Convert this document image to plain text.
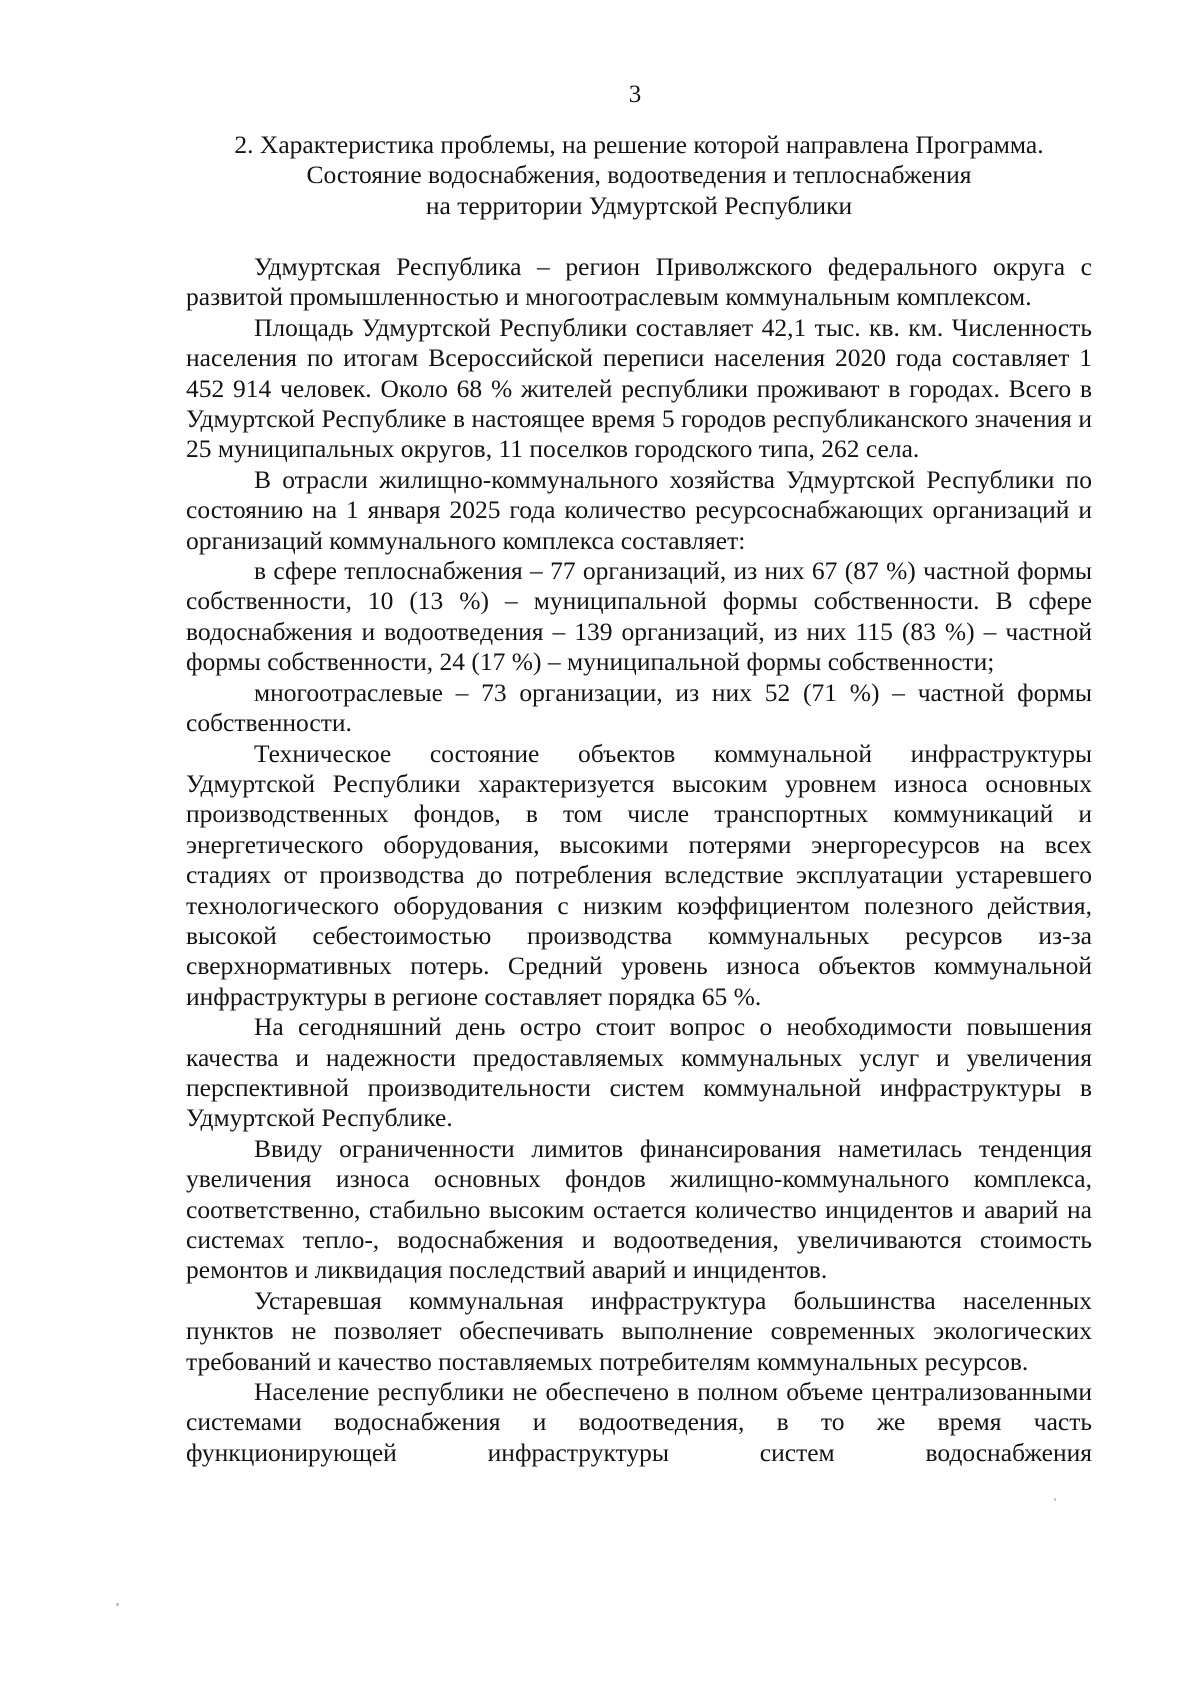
3
2. Характеристика проблемы, на решение которой направлена Программа.
Состояние водоснабжения, водоотведения и теплоснабжения
на территории Удмуртской Республики

Удмуртская Республика – регион Приволжского федерального округа с развитой промышленностью и многоотраслевым коммунальным комплексом.

Площадь Удмуртской Республики составляет 42,1 тыс. кв. км. Численность населения по итогам Всероссийской переписи населения 2020 года составляет 1 452 914 человек. Около 68 % жителей республики проживают в городах. Всего в Удмуртской Республике в настоящее время 5 городов республиканского значения и 25 муниципальных округов, 11 поселков городского типа, 262 села.

В отрасли жилищно-коммунального хозяйства Удмуртской Республики по состоянию на 1 января 2025 года количество ресурсоснабжающих организаций и организаций коммунального комплекса составляет:

в сфере теплоснабжения – 77 организаций, из них 67 (87 %) частной формы собственности, 10 (13 %) – муниципальной формы собственности. В сфере водоснабжения и водоотведения – 139 организаций, из них 115 (83 %) – частной формы собственности, 24 (17 %) – муниципальной формы собственности;

многоотраслевые – 73 организации, из них 52 (71 %) – частной формы собственности.

Техническое состояние объектов коммунальной инфраструктуры Удмуртской Республики характеризуется высоким уровнем износа основных производственных фондов, в том числе транспортных коммуникаций и энергетического оборудования, высокими потерями энергоресурсов на всех стадиях от производства до потребления вследствие эксплуатации устаревшего технологического оборудования с низким коэффициентом полезного действия, высокой себестоимостью производства коммунальных ресурсов из-за сверхнормативных потерь. Средний уровень износа объектов коммунальной инфраструктуры в регионе составляет порядка 65 %.

На сегодняшний день остро стоит вопрос о необходимости повышения качества и надежности предоставляемых коммунальных услуг и увеличения перспективной производительности систем коммунальной инфраструктуры в Удмуртской Республике.

Ввиду ограниченности лимитов финансирования наметилась тенденция увеличения износа основных фондов жилищно-коммунального комплекса, соответственно, стабильно высоким остается количество инцидентов и аварий на системах тепло-, водоснабжения и водоотведения, увеличиваются стоимость ремонтов и ликвидация последствий аварий и инцидентов.

Устаревшая коммунальная инфраструктура большинства населенных пунктов не позволяет обеспечивать выполнение современных экологических требований и качество поставляемых потребителям коммунальных ресурсов.

Население республики не обеспечено в полном объеме централизованными системами водоснабжения и водоотведения, в то же время часть функционирующей инфраструктуры систем водоснабжения
